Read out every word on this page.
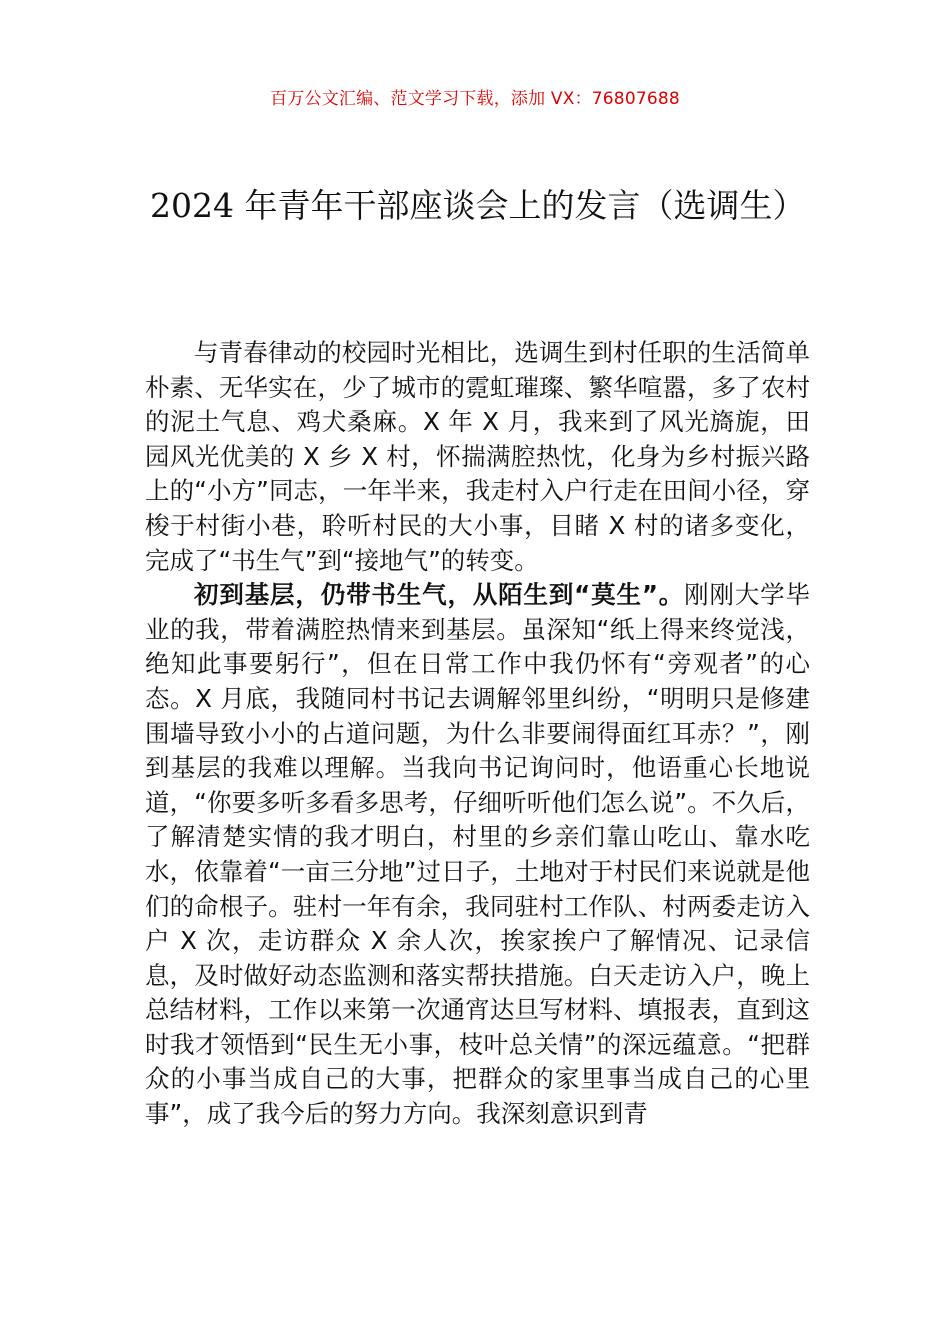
百万公文汇编、范文学习下载，添加 VX：76807688
2024 年青年干部座谈会上的发言（选调生）

与青春律动的校园时光相比，选调生到村任职的生活简单朴素、无华实在，少了城市的霓虹璀璨、繁华喧嚣，多了农村的泥土气息、鸡犬桑麻。X 年 X 月，我来到了风光旖旎，田园风光优美的 X 乡 X 村，怀揣满腔热忱，化身为乡村振兴路上的“小方”同志，一年半来，我走村入户行走在田间小径，穿梭于村街小巷，聆听村民的大小事，目睹 X 村的诸多变化，完成了“书生气”到“接地气”的转变。

初到基层，仍带书生气，从陌生到“莫生”。刚刚大学毕业的我，带着满腔热情来到基层。虽深知“纸上得来终觉浅，绝知此事要躬行”，但在日常工作中我仍怀有“旁观者”的心态。X 月底，我随同村书记去调解邻里纠纷，“明明只是修建围墙导致小小的占道问题，为什么非要闹得面红耳赤？”，刚到基层的我难以理解。当我向书记询问时，他语重心长地说道，“你要多听多看多思考，仔细听听他们怎么说”。不久后，了解清楚实情的我才明白，村里的乡亲们靠山吃山、靠水吃水，依靠着“一亩三分地”过日子，土地对于村民们来说就是他们的命根子。驻村一年有余，我同驻村工作队、村两委走访入户 X 次，走访群众 X 余人次，挨家挨户了解情况、记录信息，及时做好动态监测和落实帮扶措施。白天走访入户，晚上总结材料，工作以来第一次通宵达旦写材料、填报表，直到这时我才领悟到“民生无小事，枝叶总关情”的深远蕴意。“把群众的小事当成自己的大事，把群众的家里事当成自己的心里事”，成了我今后的努力方向。我深刻意识到青
